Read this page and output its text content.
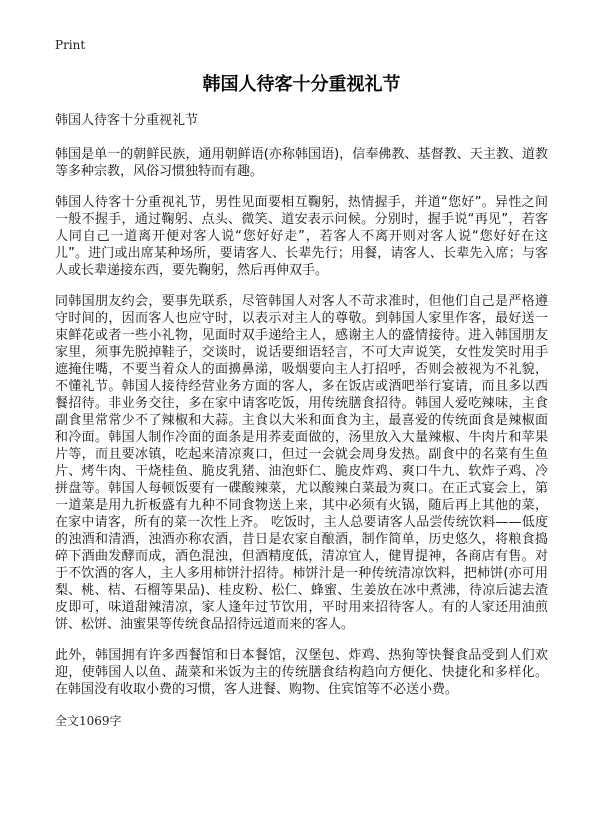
Print
韩国人待客十分重视礼节
韩国人待客十分重视礼节

韩国是单一的朝鲜民族，通用朝鲜语(亦称韩国语)，信奉佛教、基督教、天主教、道教等多种宗教，风俗习惯独特而有趣。

韩国人待客十分重视礼节，男性见面要相互鞠躬，热情握手，并道“您好”。异性之间一般不握手，通过鞠躬、点头、微笑、道安表示问候。分别时，握手说“再见”，若客人同自己一道离开便对客人说“您好好走”，若客人不离开则对客人说“您好好在这儿”。进门或出席某种场所，要请客人、长辈先行；用餐，请客人、长辈先入席；与客人或长辈递接东西，要先鞠躬，然后再伸双手。

同韩国朋友约会，要事先联系，尽管韩国人对客人不苛求准时，但他们自己是严格遵守时间的，因而客人也应守时，以表示对主人的尊敬。到韩国人家里作客，最好送一束鲜花或者一些小礼物，见面时双手递给主人，感谢主人的盛情接待。进入韩国朋友家里，须事先脱掉鞋子，交谈时，说话要细语轻言，不可大声说笑，女性发笑时用手遮掩住嘴，不要当着众人的面擤鼻涕，吸烟要向主人打招呼，否则会被视为不礼貌，不懂礼节。韩国人接待经营业务方面的客人，多在饭店或酒吧举行宴请，而且多以西餐招待。非业务交往，多在家中请客吃饭，用传统膳食招待。韩国人爱吃辣味，主食副食里常常少不了辣椒和大蒜。主食以大米和面食为主，最喜爱的传统面食是辣椒面和冷面。韩国人制作冷面的面条是用荞麦面做的，汤里放入大量辣椒、牛肉片和苹果片等，而且要冰镇，吃起来清凉爽口，但过一会就会周身发热。副食中的名菜有生鱼片、烤牛肉、干烧桂鱼、脆皮乳猪、油泡虾仁、脆皮炸鸡、爽口牛九、软炸子鸡、冷拼盘等。韩国人每顿饭要有一碟酸辣菜，尤以酸辣白菜最为爽口。在正式宴会上，第一道菜是用九折板盛有九种不同食物送上来，其中必须有火锅，随后再上其他的菜，在家中请客，所有的菜一次性上齐。 吃饭时，主人总要请客人品尝传统饮料——低度的浊酒和清酒，浊酒亦称农酒，昔日是农家自酿酒，制作简单，历史悠久，将粮食捣碎下酒曲发酵而成，酒色混浊，但酒精度低，清凉宜人，健胃提神，各商店有售。对于不饮酒的客人，主人多用柿饼汁招待。柿饼汁是一种传统清凉饮料，把柿饼(亦可用梨、桃、桔、石榴等果品)、桂皮粉、松仁、蜂蜜、生姜放在冰中煮沸，待凉后滤去渣皮即可，味道甜辣清凉，家人逢年过节饮用，平时用来招待客人。有的人家还用油煎饼、松饼、油蜜果等传统食品招待远道而来的客人。

此外，韩国拥有许多西餐馆和日本餐馆，汉堡包、炸鸡、热狗等快餐食品受到人们欢迎，使韩国人以鱼、蔬菜和米饭为主的传统膳食结构趋向方便化、快捷化和多样化。在韩国没有收取小费的习惯，客人进餐、购物、住宾馆等不必送小费。

全文1069字
